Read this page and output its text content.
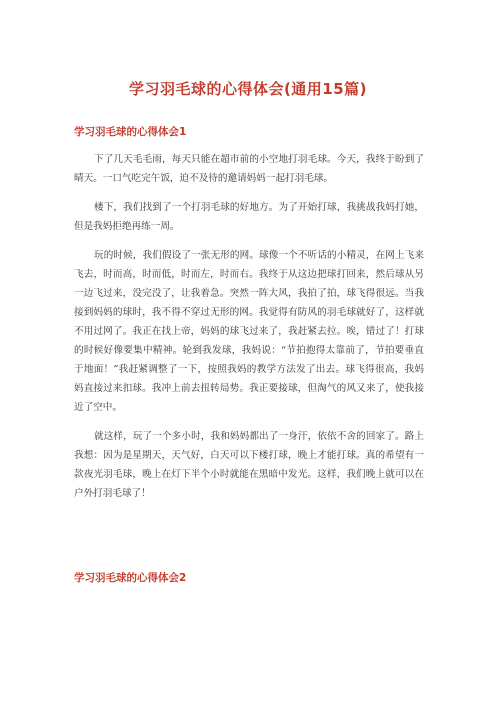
学习羽毛球的心得体会(通用15篇)
学习羽毛球的心得体会1

下了几天毛毛雨，每天只能在超市前的小空地打羽毛球。今天，我终于盼到了晴天。一口气吃完午饭，迫不及待的邀请妈妈一起打羽毛球。

楼下，我们找到了一个打羽毛球的好地方。为了开始打球，我挑战我妈打她，但是我妈拒绝再练一周。

玩的时候，我们假设了一张无形的网。球像一个不听话的小精灵，在网上飞来飞去，时而高，时而低，时而左，时而右。我终于从这边把球打回来，然后球从另一边飞过来，没完没了，让我着急。突然一阵大风，我拍了拍，球飞得很远。当我接到妈妈的球时，我不得不穿过无形的网。我觉得有防风的羽毛球就好了，这样就不用过网了。我正在找上帝，妈妈的球飞过来了，我赶紧去拉。唉，错过了！打球的时候好像要集中精神。轮到我发球，我妈说：“节拍抱得太靠前了，节拍要垂直于地面！”我赶紧调整了一下，按照我妈的教学方法发了出去。球飞得很高，我妈妈直接过来扣球。我冲上前去扭转局势。我正要接球，但淘气的风又来了，使我接近了空中。

就这样，玩了一个多小时，我和妈妈都出了一身汗，依依不舍的回家了。路上我想：因为是星期天，天气好，白天可以下楼打球，晚上才能打球。真的希望有一款夜光羽毛球，晚上在灯下半个小时就能在黑暗中发光。这样，我们晚上就可以在户外打羽毛球了！

学习羽毛球的心得体会2
